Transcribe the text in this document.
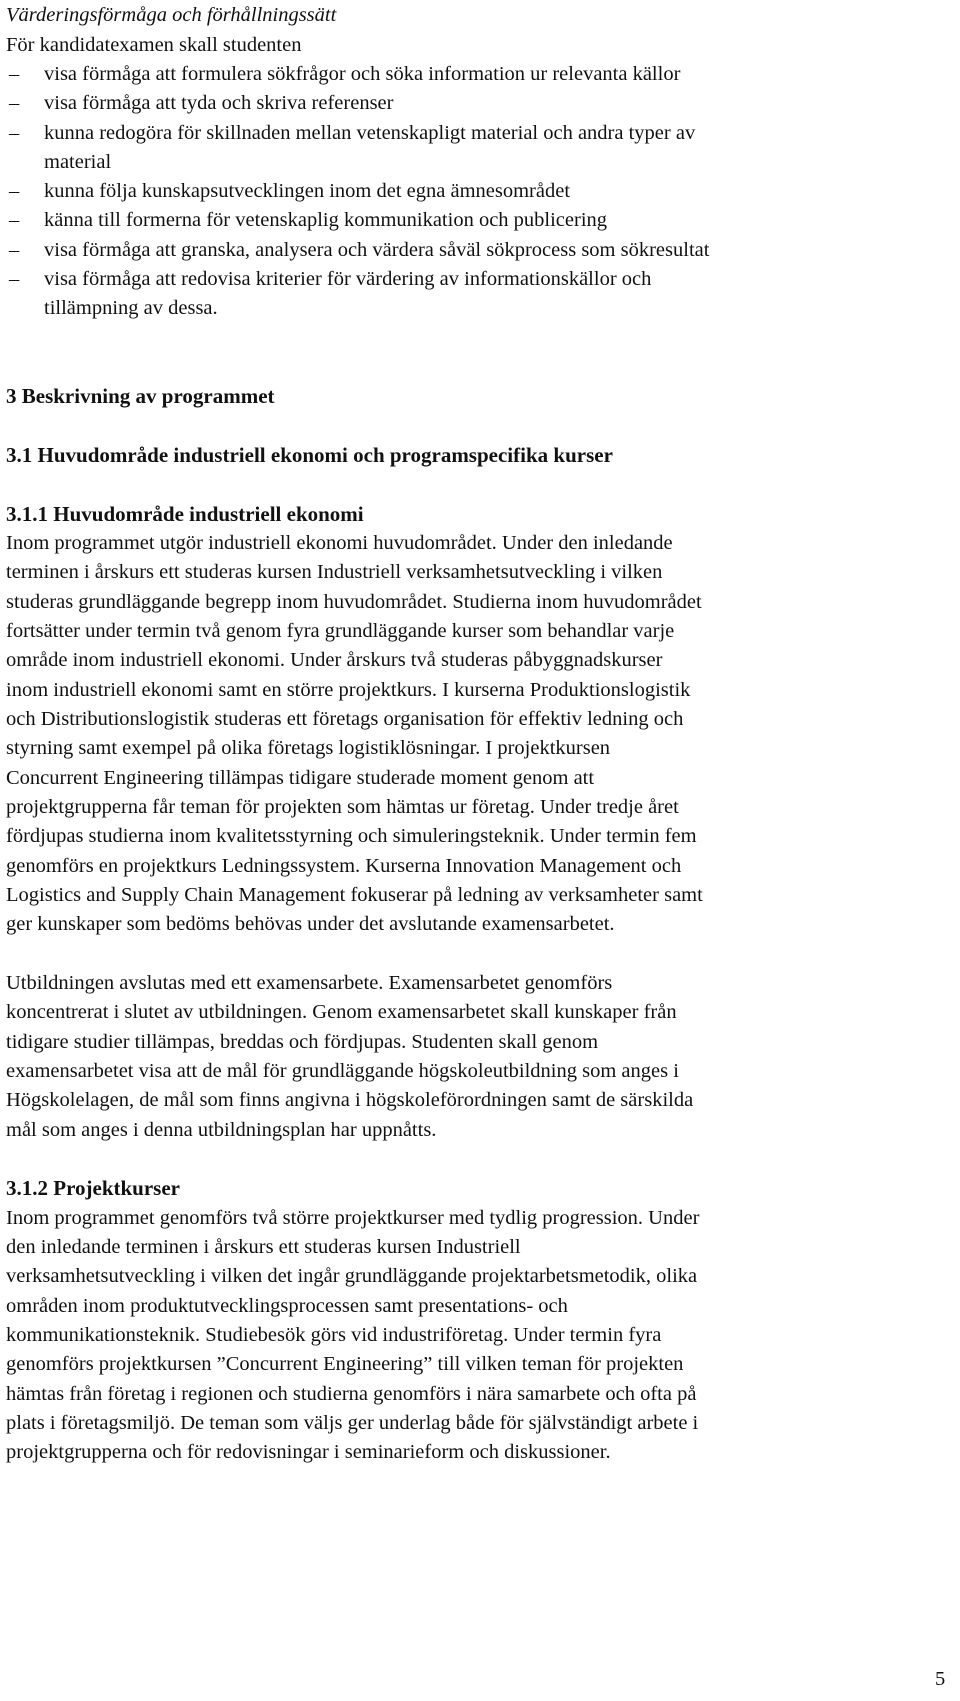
Värderingsförmåga och förhållningssätt
För kandidatexamen skall studenten
– visa förmåga att formulera sökfrågor och söka information ur relevanta källor
– visa förmåga att tyda och skriva referenser
– kunna redogöra för skillnaden mellan vetenskapligt material och andra typer av
material
– kunna följa kunskapsutvecklingen inom det egna ämnesområdet
– känna till formerna för vetenskaplig kommunikation och publicering
– visa förmåga att granska, analysera och värdera såväl sökprocess som sökresultat
– visa förmåga att redovisa kriterier för värdering av informationskällor och
tillämpning av dessa.
3 Beskrivning av programmet
3.1 Huvudområde industriell ekonomi och programspecifika kurser
3.1.1 Huvudområde industriell ekonomi
Inom programmet utgör industriell ekonomi huvudområdet. Under den inledande
terminen i årskurs ett studeras kursen Industriell verksamhetsutveckling i vilken
studeras grundläggande begrepp inom huvudområdet. Studierna inom huvudområdet
fortsätter under termin två genom fyra grundläggande kurser som behandlar varje
område inom industriell ekonomi. Under årskurs två studeras påbyggnadskurser
inom industriell ekonomi samt en större projektkurs. I kurserna Produktionslogistik
och Distributionslogistik studeras ett företags organisation för effektiv ledning och
styrning samt exempel på olika företags logistiklösningar. I projektkursen
Concurrent Engineering tillämpas tidigare studerade moment genom att
projektgrupperna får teman för projekten som hämtas ur företag. Under tredje året
fördjupas studierna inom kvalitetsstyrning och simuleringsteknik. Under termin fem
genomförs en projektkurs Ledningssystem. Kurserna Innovation Management och
Logistics and Supply Chain Management fokuserar på ledning av verksamheter samt
ger kunskaper som bedöms behövas under det avslutande examensarbetet.
Utbildningen avslutas med ett examensarbete. Examensarbetet genomförs
koncentrerat i slutet av utbildningen. Genom examensarbetet skall kunskaper från
tidigare studier tillämpas, breddas och fördjupas. Studenten skall genom
examensarbetet visa att de mål för grundläggande högskoleutbildning som anges i
Högskolelagen, de mål som finns angivna i högskoleförordningen samt de särskilda
mål som anges i denna utbildningsplan har uppnåtts.
3.1.2 Projektkurser
Inom programmet genomförs två större projektkurser med tydlig progression. Under
den inledande terminen i årskurs ett studeras kursen Industriell
verksamhetsutveckling i vilken det ingår grundläggande projektarbetsmetodik, olika
områden inom produktutvecklingsprocessen samt presentations- och
kommunikationsteknik. Studiebesök görs vid industriföretag. Under termin fyra
genomförs projektkursen ”Concurrent Engineering” till vilken teman för projekten
hämtas från företag i regionen och studierna genomförs i nära samarbete och ofta på
plats i företagsmiljö. De teman som väljs ger underlag både för självständigt arbete i
projektgrupperna och för redovisningar i seminarieform och diskussioner.
5
